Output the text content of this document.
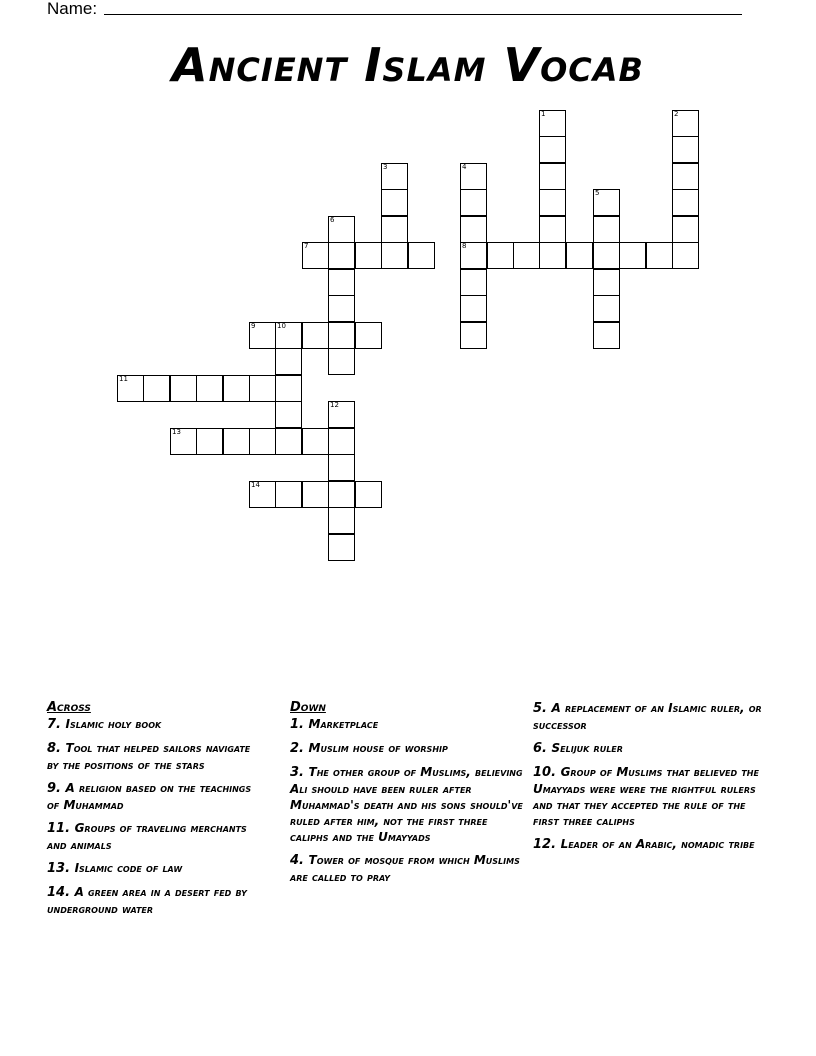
Name:
Ancient Islam Vocab
1	2
3	4
8
5
6
7
9	10
11
12
13
14
Across
7. Islamic holy book
8. Tool that helped sailors navigate by the positions of the stars
9. A religion based on the teachings of Muhammad
11. Groups of traveling merchants and animals
13. Islamic code of law
14. A green area in a desert fed by underground water
Down
1. Marketplace
2. Muslim house of worship
3. The other group of Muslims, believing Ali should have been ruler after Muhammad's death and his sons should've ruled after him, not the first three caliphs and the Umayyads
4. Tower of mosque from which Muslims are called to pray
5. A replacement of an Islamic ruler, or successor
6. Selijuk ruler
10. Group of Muslims that believed the Umayyads were were the rightful rulers and that they accepted the rule of the first three caliphs
12. Leader of an Arabic, nomadic tribe
